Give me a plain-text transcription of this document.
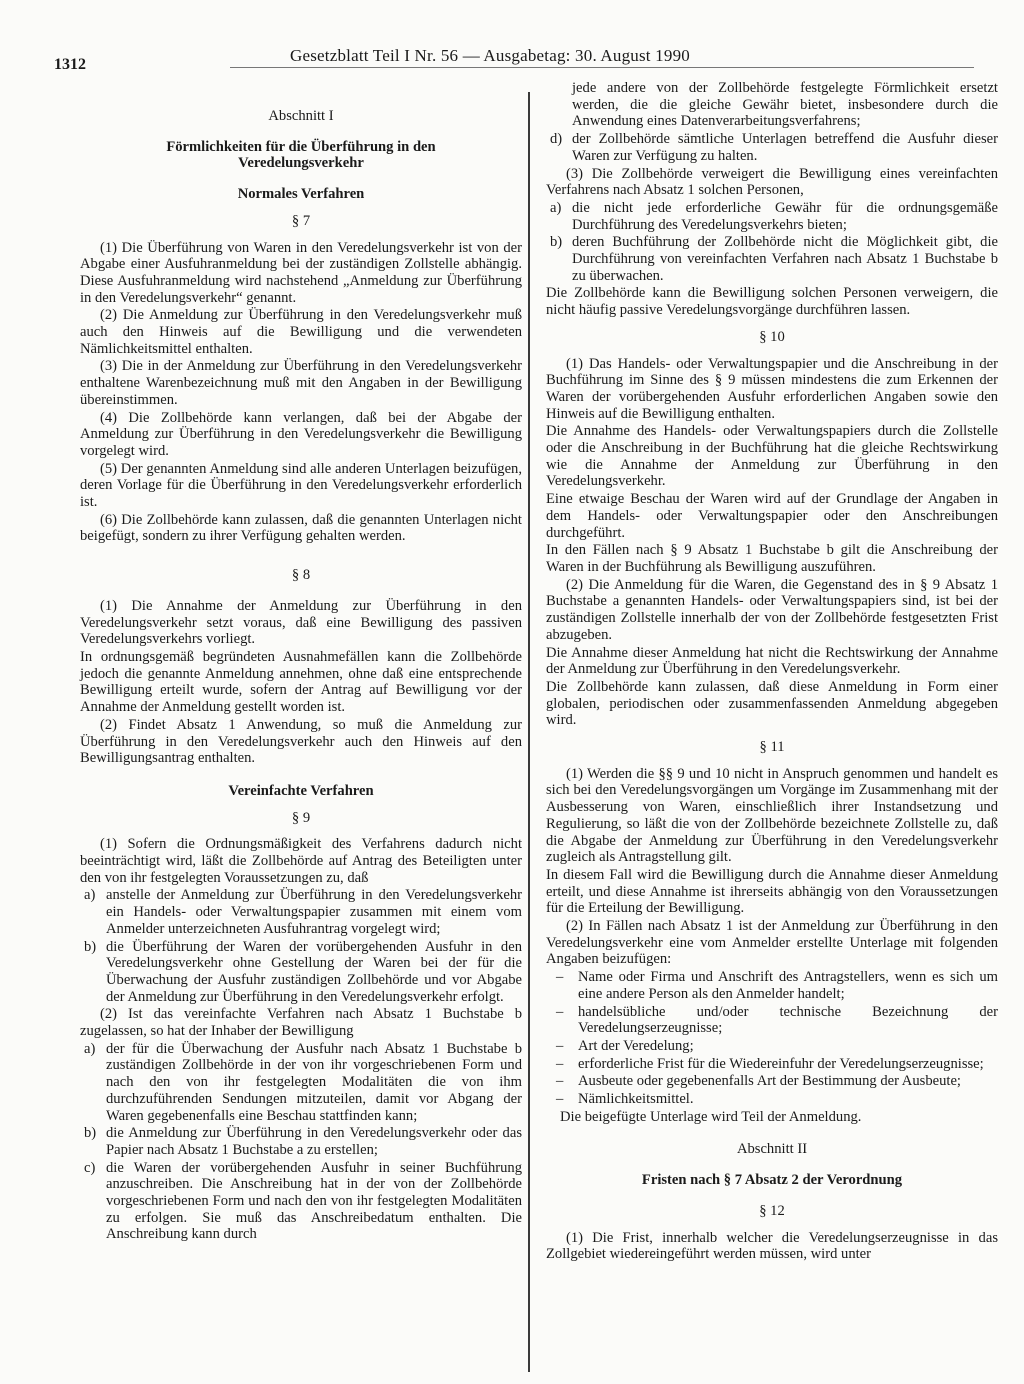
1312	Gesetzblatt Teil I Nr. 56 — Ausgabetag: 30. August 1990
Abschnitt I
Förmlichkeiten für die Überführung in den Veredelungsverkehr
Normales Verfahren
§ 7

(1) Die Überführung von Waren in den Veredelungsverkehr ist von der Abgabe einer Ausfuhranmeldung bei der zuständigen Zollstelle abhängig. Diese Ausfuhranmeldung wird nachstehend „Anmeldung zur Überführung in den Veredelungsverkehr“ genannt.

(2) Die Anmeldung zur Überführung in den Veredelungsverkehr muß auch den Hinweis auf die Bewilligung und die verwendeten Nämlichkeitsmittel enthalten.

(3) Die in der Anmeldung zur Überführung in den Veredelungsverkehr enthaltene Warenbezeichnung muß mit den Angaben in der Bewilligung übereinstimmen.

(4) Die Zollbehörde kann verlangen, daß bei der Abgabe der Anmeldung zur Überführung in den Veredelungsverkehr die Bewilligung vorgelegt wird.

(5) Der genannten Anmeldung sind alle anderen Unterlagen beizufügen, deren Vorlage für die Überführung in den Veredelungsverkehr erforderlich ist.

(6) Die Zollbehörde kann zulassen, daß die genannten Unterlagen nicht beigefügt, sondern zu ihrer Verfügung gehalten werden.

§ 8

(1) Die Annahme der Anmeldung zur Überführung in den Veredelungsverkehr setzt voraus, daß eine Bewilligung des passiven Veredelungsverkehrs vorliegt.

In ordnungsgemäß begründeten Ausnahmefällen kann die Zollbehörde jedoch die genannte Anmeldung annehmen, ohne daß eine entsprechende Bewilligung erteilt wurde, sofern der Antrag auf Bewilligung vor der Annahme der Anmeldung gestellt worden ist.

(2) Findet Absatz 1 Anwendung, so muß die Anmeldung zur Überführung in den Veredelungsverkehr auch den Hinweis auf den Bewilligungsantrag enthalten.

Vereinfachte Verfahren
§ 9

(1) Sofern die Ordnungsmäßigkeit des Verfahrens dadurch nicht beeinträchtigt wird, läßt die Zollbehörde auf Antrag des Beteiligten unter den von ihr festgelegten Voraussetzungen zu, daß

a) anstelle der Anmeldung zur Überführung in den Veredelungsverkehr ein Handels- oder Verwaltungspapier zusammen mit einem vom Anmelder unterzeichneten Ausfuhrantrag vorgelegt wird;
b) die Überführung der Waren der vorübergehenden Ausfuhr in den Veredelungsverkehr ohne Gestellung der Waren bei der für die Überwachung der Ausfuhr zuständigen Zollbehörde und vor Abgabe der Anmeldung zur Überführung in den Veredelungsverkehr erfolgt.

(2) Ist das vereinfachte Verfahren nach Absatz 1 Buchstabe b zugelassen, so hat der Inhaber der Bewilligung

a) der für die Überwachung der Ausfuhr nach Absatz 1 Buchstabe b zuständigen Zollbehörde in der von ihr vorgeschriebenen Form und nach den von ihr festgelegten Modalitäten die von ihm durchzuführenden Sendungen mitzuteilen, damit vor Abgang der Waren gegebenenfalls eine Beschau stattfinden kann;
b) die Anmeldung zur Überführung in den Veredelungsverkehr oder das Papier nach Absatz 1 Buchstabe a zu erstellen;
c) die Waren der vorübergehenden Ausfuhr in seiner Buchführung anzuschreiben. Die Anschreibung hat in der von der Zollbehörde vorgeschriebenen Form und nach den von ihr festgelegten Modalitäten zu erfolgen. Sie muß das Anschreibedatum enthalten. Die Anschreibung kann durch

jede andere von der Zollbehörde festgelegte Förmlichkeit ersetzt werden, die die gleiche Gewähr bietet, insbesondere durch die Anwendung eines Datenverarbeitungsverfahrens;

d) der Zollbehörde sämtliche Unterlagen betreffend die Ausfuhr dieser Waren zur Verfügung zu halten.

(3) Die Zollbehörde verweigert die Bewilligung eines vereinfachten Verfahrens nach Absatz 1 solchen Personen,

a) die nicht jede erforderliche Gewähr für die ordnungsgemäße Durchführung des Veredelungsverkehrs bieten;
b) deren Buchführung der Zollbehörde nicht die Möglichkeit gibt, die Durchführung von vereinfachten Verfahren nach Absatz 1 Buchstabe b zu überwachen.

Die Zollbehörde kann die Bewilligung solchen Personen verweigern, die nicht häufig passive Veredelungsvorgänge durchführen lassen.

§ 10

(1) Das Handels- oder Verwaltungspapier und die Anschreibung in der Buchführung im Sinne des § 9 müssen mindestens die zum Erkennen der Waren der vorübergehenden Ausfuhr erforderlichen Angaben sowie den Hinweis auf die Bewilligung enthalten.

Die Annahme des Handels- oder Verwaltungspapiers durch die Zollstelle oder die Anschreibung in der Buchführung hat die gleiche Rechtswirkung wie die Annahme der Anmeldung zur Überführung in den Veredelungsverkehr.

Eine etwaige Beschau der Waren wird auf der Grundlage der Angaben in dem Handels- oder Verwaltungspapier oder den Anschreibungen durchgeführt.

In den Fällen nach § 9 Absatz 1 Buchstabe b gilt die Anschreibung der Waren in der Buchführung als Bewilligung auszuführen.

(2) Die Anmeldung für die Waren, die Gegenstand des in § 9 Absatz 1 Buchstabe a genannten Handels- oder Verwaltungspapiers sind, ist bei der zuständigen Zollstelle innerhalb der von der Zollbehörde festgesetzten Frist abzugeben.

Die Annahme dieser Anmeldung hat nicht die Rechtswirkung der Annahme der Anmeldung zur Überführung in den Veredelungsverkehr.

Die Zollbehörde kann zulassen, daß diese Anmeldung in Form einer globalen, periodischen oder zusammenfassenden Anmeldung abgegeben wird.

§ 11

(1) Werden die §§ 9 und 10 nicht in Anspruch genommen und handelt es sich bei den Veredelungsvorgängen um Vorgänge im Zusammenhang mit der Ausbesserung von Waren, einschließlich ihrer Instandsetzung und Regulierung, so läßt die von der Zollbehörde bezeichnete Zollstelle zu, daß die Abgabe der Anmeldung zur Überführung in den Veredelungsverkehr zugleich als Antragstellung gilt.

In diesem Fall wird die Bewilligung durch die Annahme dieser Anmeldung erteilt, und diese Annahme ist ihrerseits abhängig von den Voraussetzungen für die Erteilung der Bewilligung.

(2) In Fällen nach Absatz 1 ist der Anmeldung zur Überführung in den Veredelungsverkehr eine vom Anmelder erstellte Unterlage mit folgenden Angaben beizufügen:

–	Name oder Firma und Anschrift des Antragstellers, wenn es sich um eine andere Person als den Anmelder handelt;
–	handelsübliche und/oder technische Bezeichnung der Veredelungserzeugnisse;
–	Art der Veredelung;
–	erforderliche Frist für die Wiedereinfuhr der Veredelungserzeugnisse;
–	Ausbeute oder gegebenenfalls Art der Bestimmung der Ausbeute;
–	Nämlichkeitsmittel.

Die beigefügte Unterlage wird Teil der Anmeldung.

Abschnitt II
Fristen nach § 7 Absatz 2 der Verordnung
§ 12

(1) Die Frist, innerhalb welcher die Veredelungserzeugnisse in das Zollgebiet wiedereingeführt werden müssen, wird unter
